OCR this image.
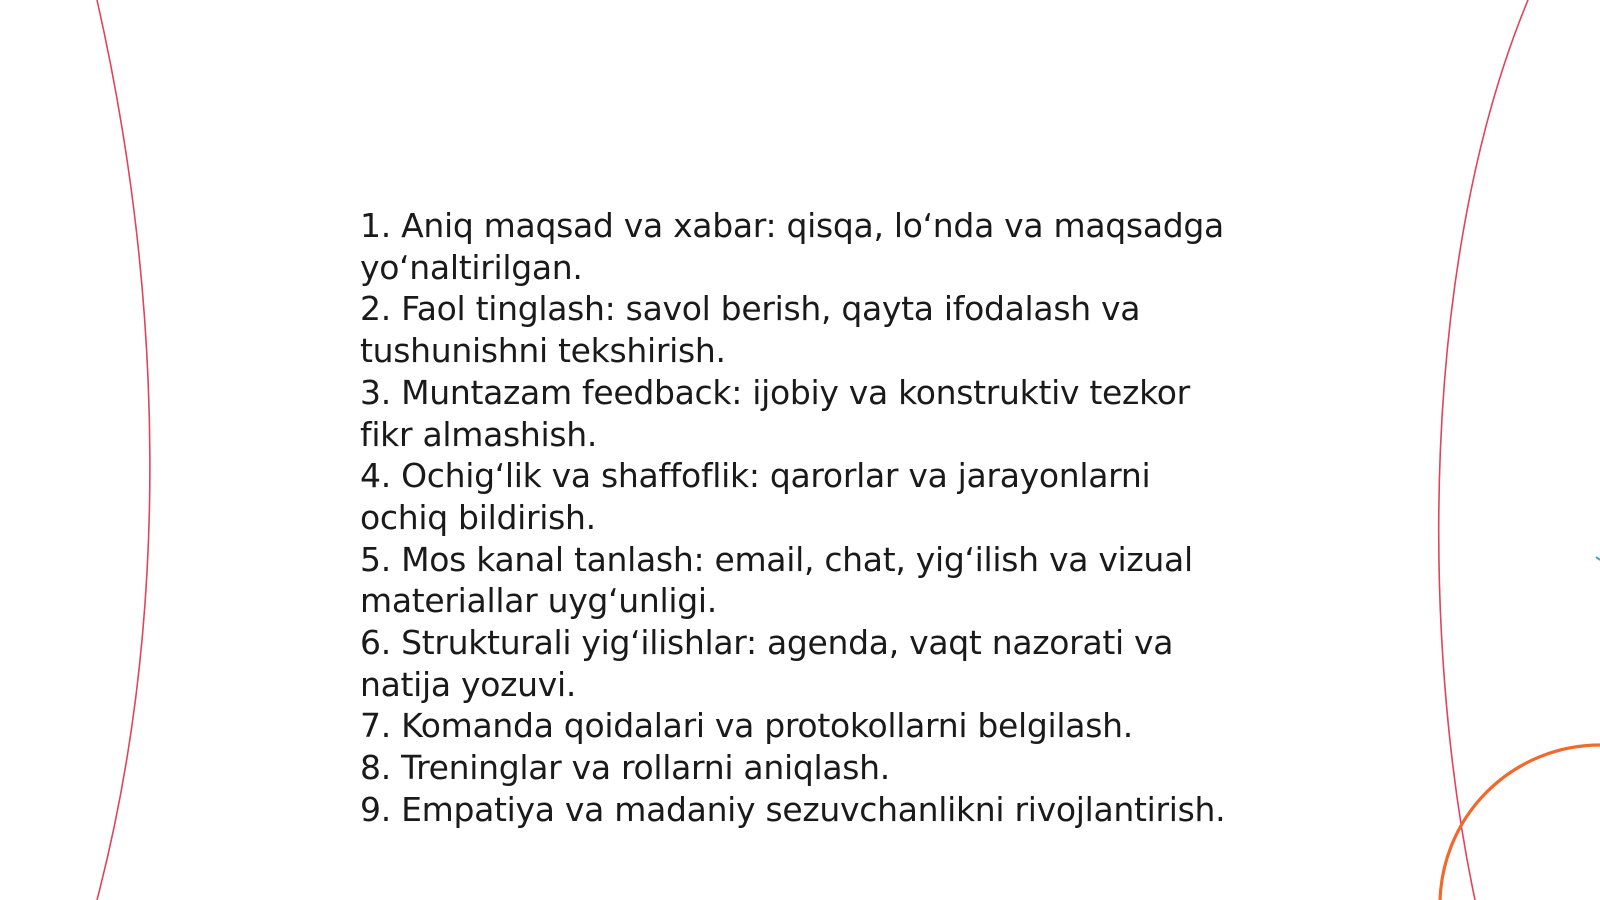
1. Aniq maqsad va xabar: qisqa, lo‘nda va maqsadga yo‘naltirilgan.

2. Faol tinglash: savol berish, qayta ifodalash va tushunishni tekshirish.

3. Muntazam feedback: ijobiy va konstruktiv tezkor fikr almashish.

4. Ochig‘lik va shaffoflik: qarorlar va jarayonlarni ochiq bildirish.

5. Mos kanal tanlash: email, chat, yig‘ilish va vizual materiallar uyg‘unligi.

6. Strukturali yig‘ilishlar: agenda, vaqt nazorati va natija yozuvi.

7. Komanda qoidalari va protokollarni belgilash.

8. Treninglar va rollarni aniqlash.

9. Empatiya va madaniy sezuvchanlikni rivojlantirish.
